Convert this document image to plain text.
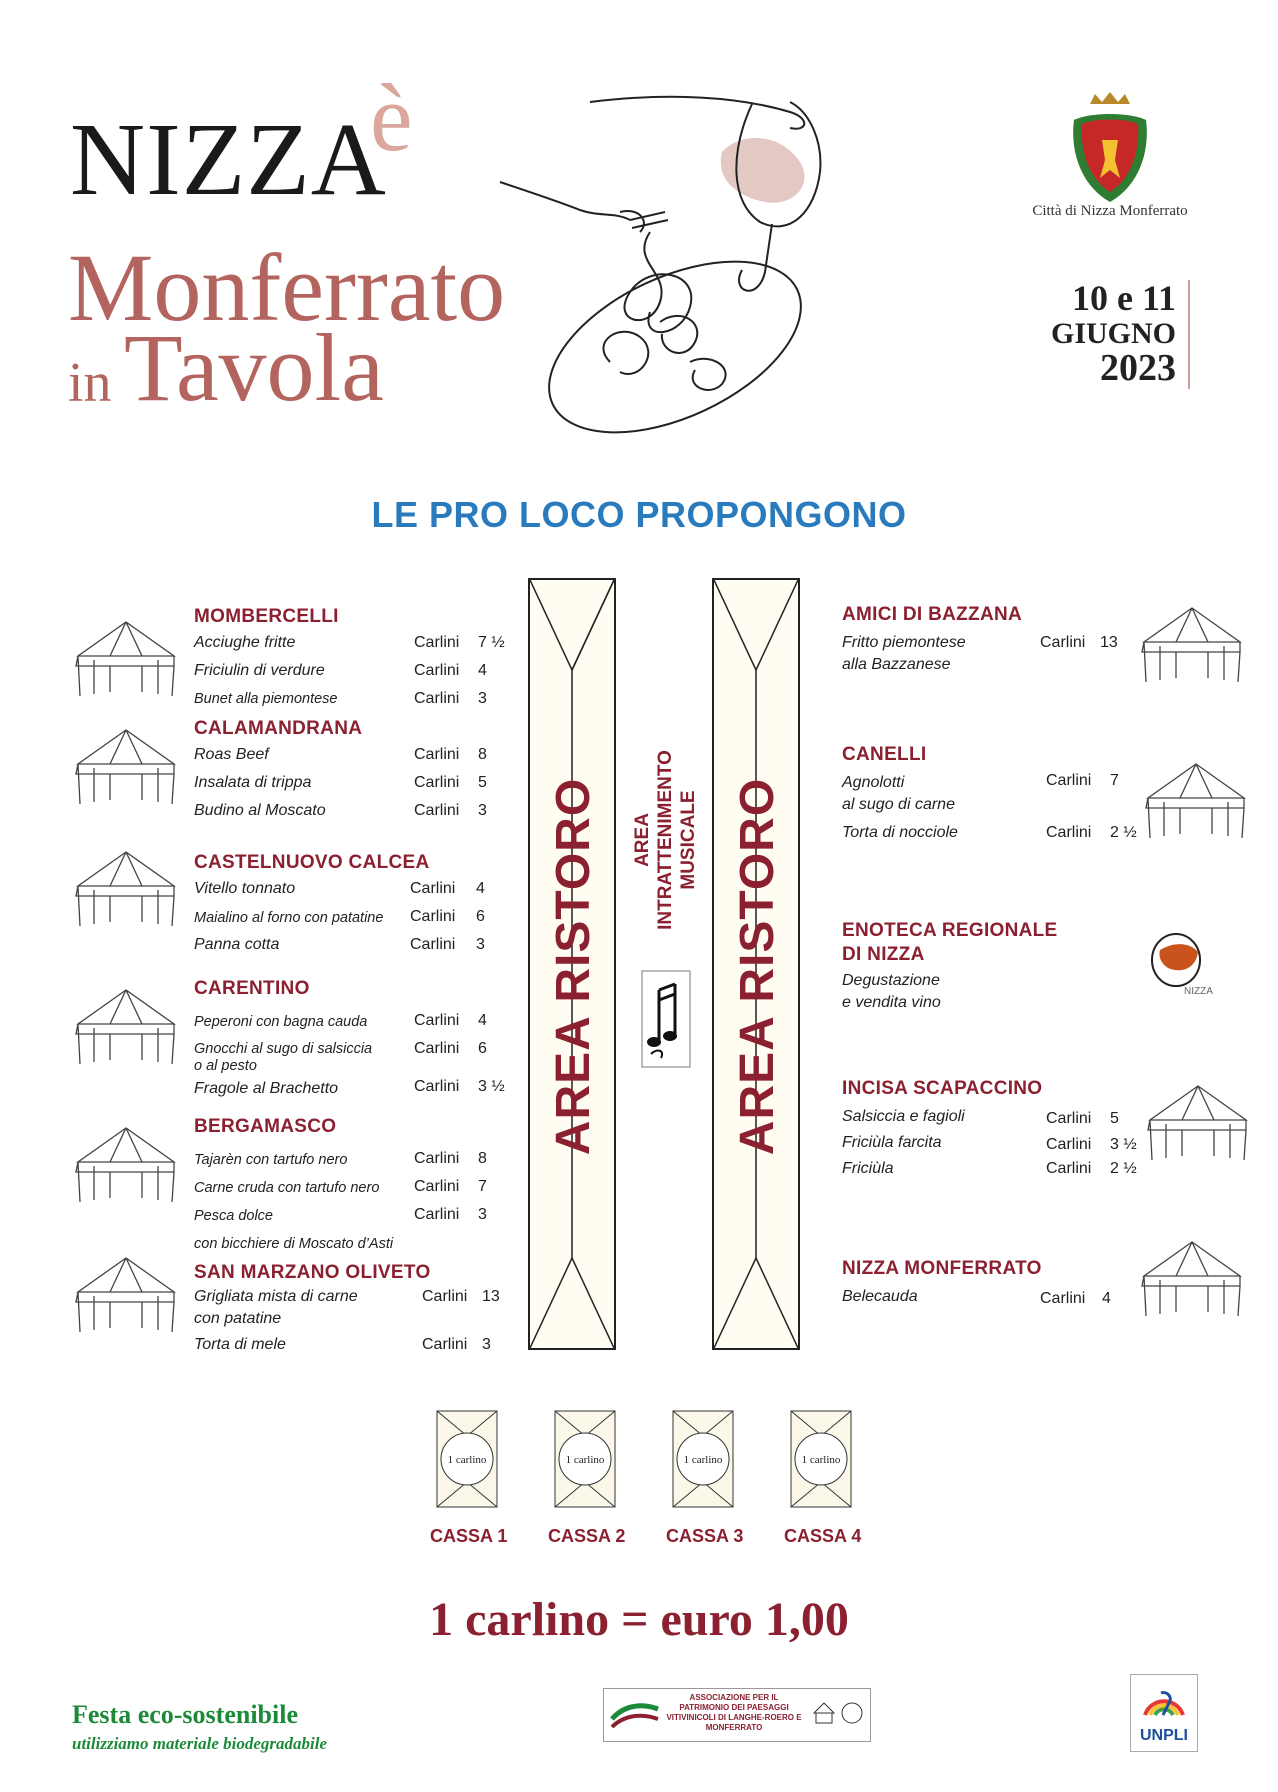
NIZZA
è
Monferrato
in Tavola
Città di Nizza Monferrato
10 e 11
GIUGNO
2023
LE PRO LOCO PROPONGONO
AREA RISTORO	AREA RISTORO
AREA INTRATTENIMENTO MUSICALE
NIZZA
MOMBERCELLI
Acciughe fritte	Carlini 7 ½
Friciulin di verdure	Carlini 4
Bunet alla piemontese	Carlini 3
CALAMANDRANA
Roas Beef	Carlini 8
Insalata di trippa	Carlini 5
Budino al Moscato	Carlini 3
CASTELNUOVO CALCEA
Vitello tonnato	Carlini 4
Maialino al forno con patatine Carlini 6
Panna cotta	Carlini 3
CARENTINO
Peperoni con bagna cauda	Carlini 4
Gnocchi al sugo di salsiccia
o al pesto
Carlini 6
Fragole al Brachetto	Carlini 3 ½
BERGAMASCO
Tajarèn con tartufo nero	Carlini 8
Carne cruda con tartufo nero Carlini 7
Pesca dolce	Carlini 3
con bicchiere di Moscato d’Asti
SAN MARZANO OLIVETO
Grigliata mista di carne
con patatine
Carlini 13
Torta di mele	Carlini 3
AMICI DI BAZZANA
Fritto piemontese
alla Bazzanese
Carlini 13
CANELLI
Agnolotti
al sugo di carne
Carlini 7
Torta di nocciole	Carlini 2 ½
ENOTECA REGIONALE
DI NIZZA
Degustazione
e vendita vino
INCISA SCAPACCINO
Salsiccia e fagioli	Carlini 5
Friciùla farcita	Carlini 3 ½
Friciùla	Carlini 2 ½
NIZZA MONFERRATO
Belecauda	Carlini 4
1 carlino	1 carlino	1 carlino	1 carlino
CASSA 1 CASSA 2 CASSA 3 CASSA 4
1 carlino = euro 1,00
Festa eco-sostenibile
utilizziamo materiale biodegradabile
ASSOCIAZIONE PER IL PATRIMONIO DEI PAESAGGI VITIVINICOLI DI LANGHE-ROERO E MONFERRATO	UNPLI
